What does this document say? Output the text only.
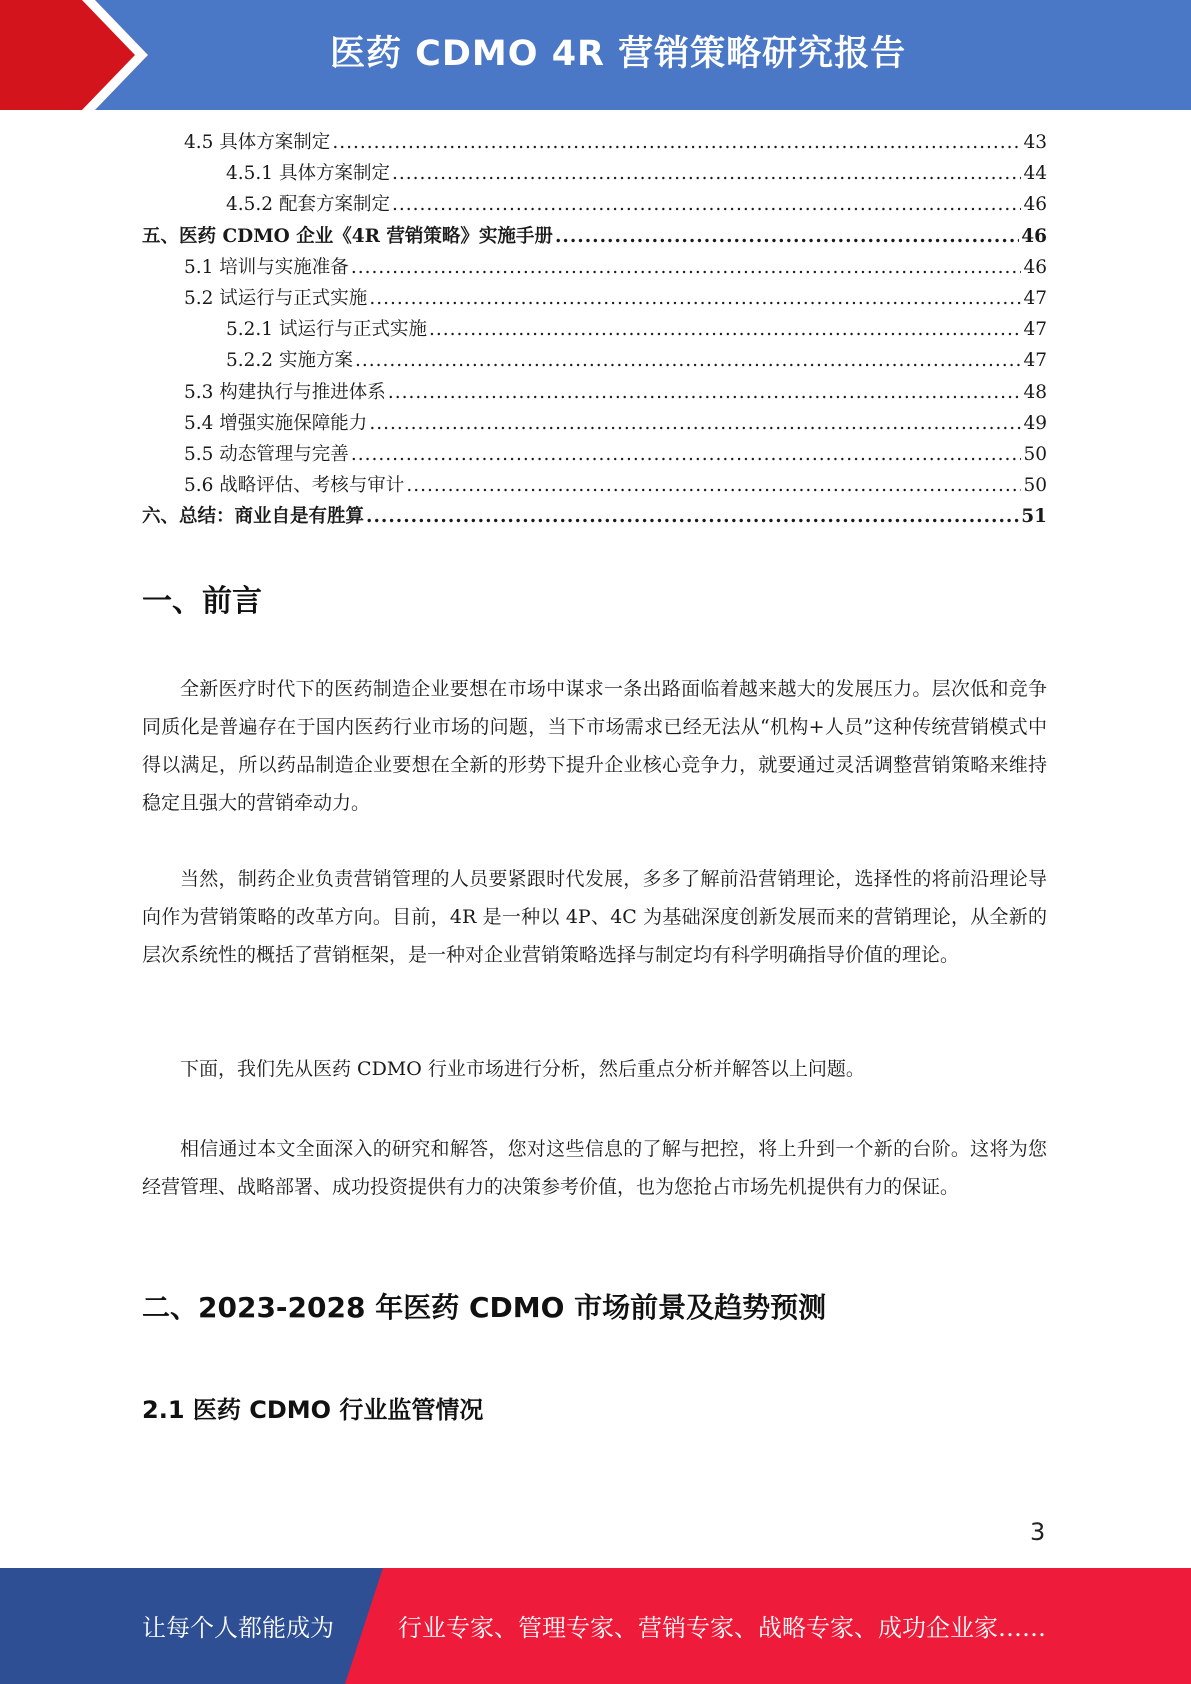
医药 CDMO 4R 营销策略研究报告
4.5 具体方案制定 .....	43
4.5.1 具体方案制定 .....	44
4.5.2 配套方案制定 .....	46
五、医药 CDMO 企业《4R 营销策略》实施手册 .....	46
5.1 培训与实施准备 .....	46
5.2 试运行与正式实施 .....	47
5.2.1 试运行与正式实施 .....	47
5.2.2 实施方案 .....	47
5.3 构建执行与推进体系 .....	48
5.4 增强实施保障能力 .....	49
5.5 动态管理与完善 .....	50
5.6 战略评估、考核与审计 .....	50
六、总结：商业自是有胜算 .....	51
一、前言

全新医疗时代下的医药制造企业要想在市场中谋求一条出路面临着越来越大的发展压力。层次低和竞争同质化是普遍存在于国内医药行业市场的问题，当下市场需求已经无法从“机构+人员”这种传统营销模式中得以满足，所以药品制造企业要想在全新的形势下提升企业核心竞争力，就要通过灵活调整营销策略来维持稳定且强大的营销牵动力。

当然，制药企业负责营销管理的人员要紧跟时代发展，多多了解前沿营销理论，选择性的将前沿理论导向作为营销策略的改革方向。目前，4R 是一种以 4P、4C 为基础深度创新发展而来的营销理论，从全新的层次系统性的概括了营销框架，是一种对企业营销策略选择与制定均有科学明确指导价值的理论。

下面，我们先从医药 CDMO 行业市场进行分析，然后重点分析并解答以上问题。

相信通过本文全面深入的研究和解答，您对这些信息的了解与把控，将上升到一个新的台阶。这将为您经营管理、战略部署、成功投资提供有力的决策参考价值，也为您抢占市场先机提供有力的保证。

二、2023-2028 年医药 CDMO 市场前景及趋势预测
2.1 医药 CDMO 行业监管情况
3
让每个人都能成为	行业专家、管理专家、营销专家、战略专家、成功企业家……
